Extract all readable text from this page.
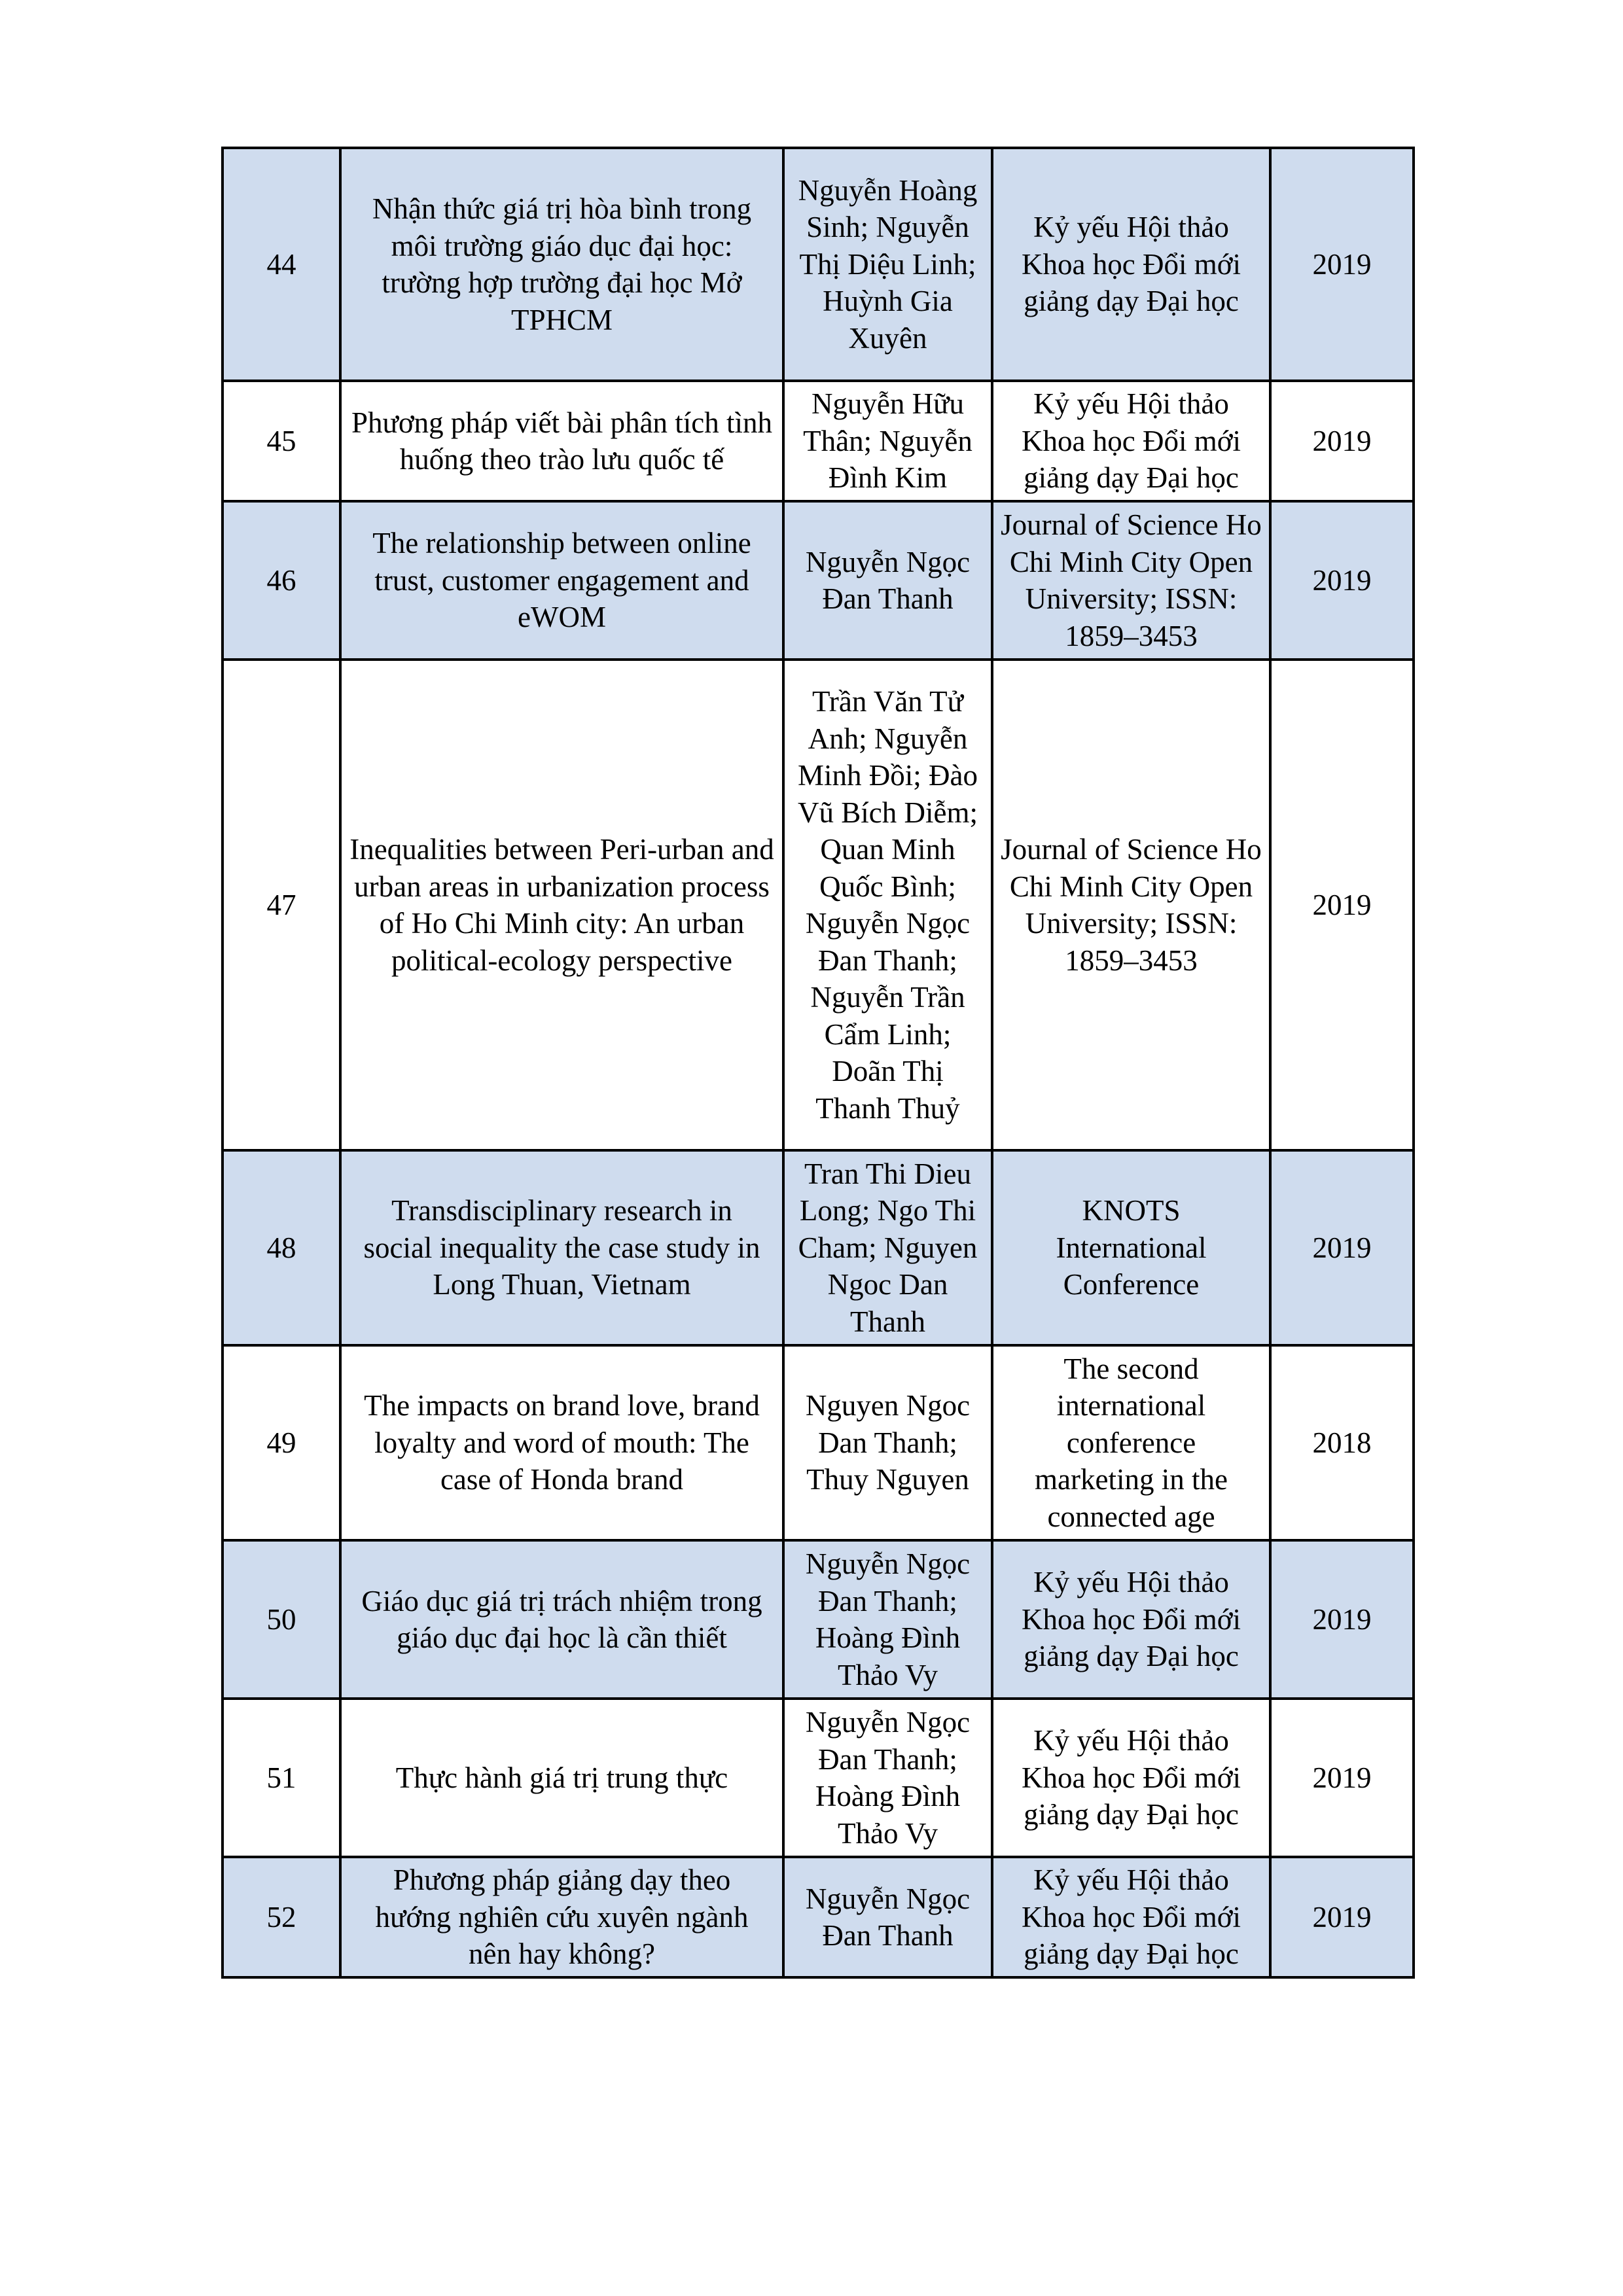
44	Nhận thức giá trị hòa bình trong môi trường giáo dục đại học: trường hợp trường đại học Mở TPHCM	Nguyễn Hoàng Sinh; Nguyễn Thị Diệu Linh; Huỳnh Gia Xuyên	Kỷ yếu Hội thảo Khoa học Đổi mới giảng dạy Đại học	2019

45	Phương pháp viết bài phân tích tình huống theo trào lưu quốc tế	Nguyễn Hữu Thân; Nguyễn Đình Kim	Kỷ yếu Hội thảo Khoa học Đổi mới giảng dạy Đại học	2019

46	The relationship between online trust, customer engagement and eWOM	Nguyễn Ngọc Đan Thanh	Journal of Science Ho Chi Minh City Open University; ISSN: 1859–3453	2019

47	Inequalities between Peri-urban and urban areas in urbanization process of Ho Chi Minh city: An urban political-ecology perspective	Trần Văn Tử Anh; Nguyễn Minh Đồi; Đào Vũ Bích Diễm; Quan Minh Quốc Bình; Nguyễn Ngọc Đan Thanh; Nguyễn Trần Cẩm Linh; Doãn Thị Thanh Thuỷ	Journal of Science Ho Chi Minh City Open University; ISSN: 1859–3453	2019

48	Transdisciplinary research in social inequality the case study in Long Thuan, Vietnam	Tran Thi Dieu Long; Ngo Thi Cham; Nguyen Ngoc Dan Thanh	KNOTS International Conference	2019

49	The impacts on brand love, brand loyalty and word of mouth: The case of Honda brand	Nguyen Ngoc Dan Thanh; Thuy Nguyen	The second international conference marketing in the connected age	2018

50	Giáo dục giá trị trách nhiệm trong giáo dục đại học là cần thiết	Nguyễn Ngọc Đan Thanh; Hoàng Đình Thảo Vy	Kỷ yếu Hội thảo Khoa học Đổi mới giảng dạy Đại học	2019

51	Thực hành giá trị trung thực	Nguyễn Ngọc Đan Thanh; Hoàng Đình Thảo Vy	Kỷ yếu Hội thảo Khoa học Đổi mới giảng dạy Đại học	2019

52	Phương pháp giảng dạy theo hướng nghiên cứu xuyên ngành nên hay không?	Nguyễn Ngọc Đan Thanh	Kỷ yếu Hội thảo Khoa học Đổi mới giảng dạy Đại học	2019
